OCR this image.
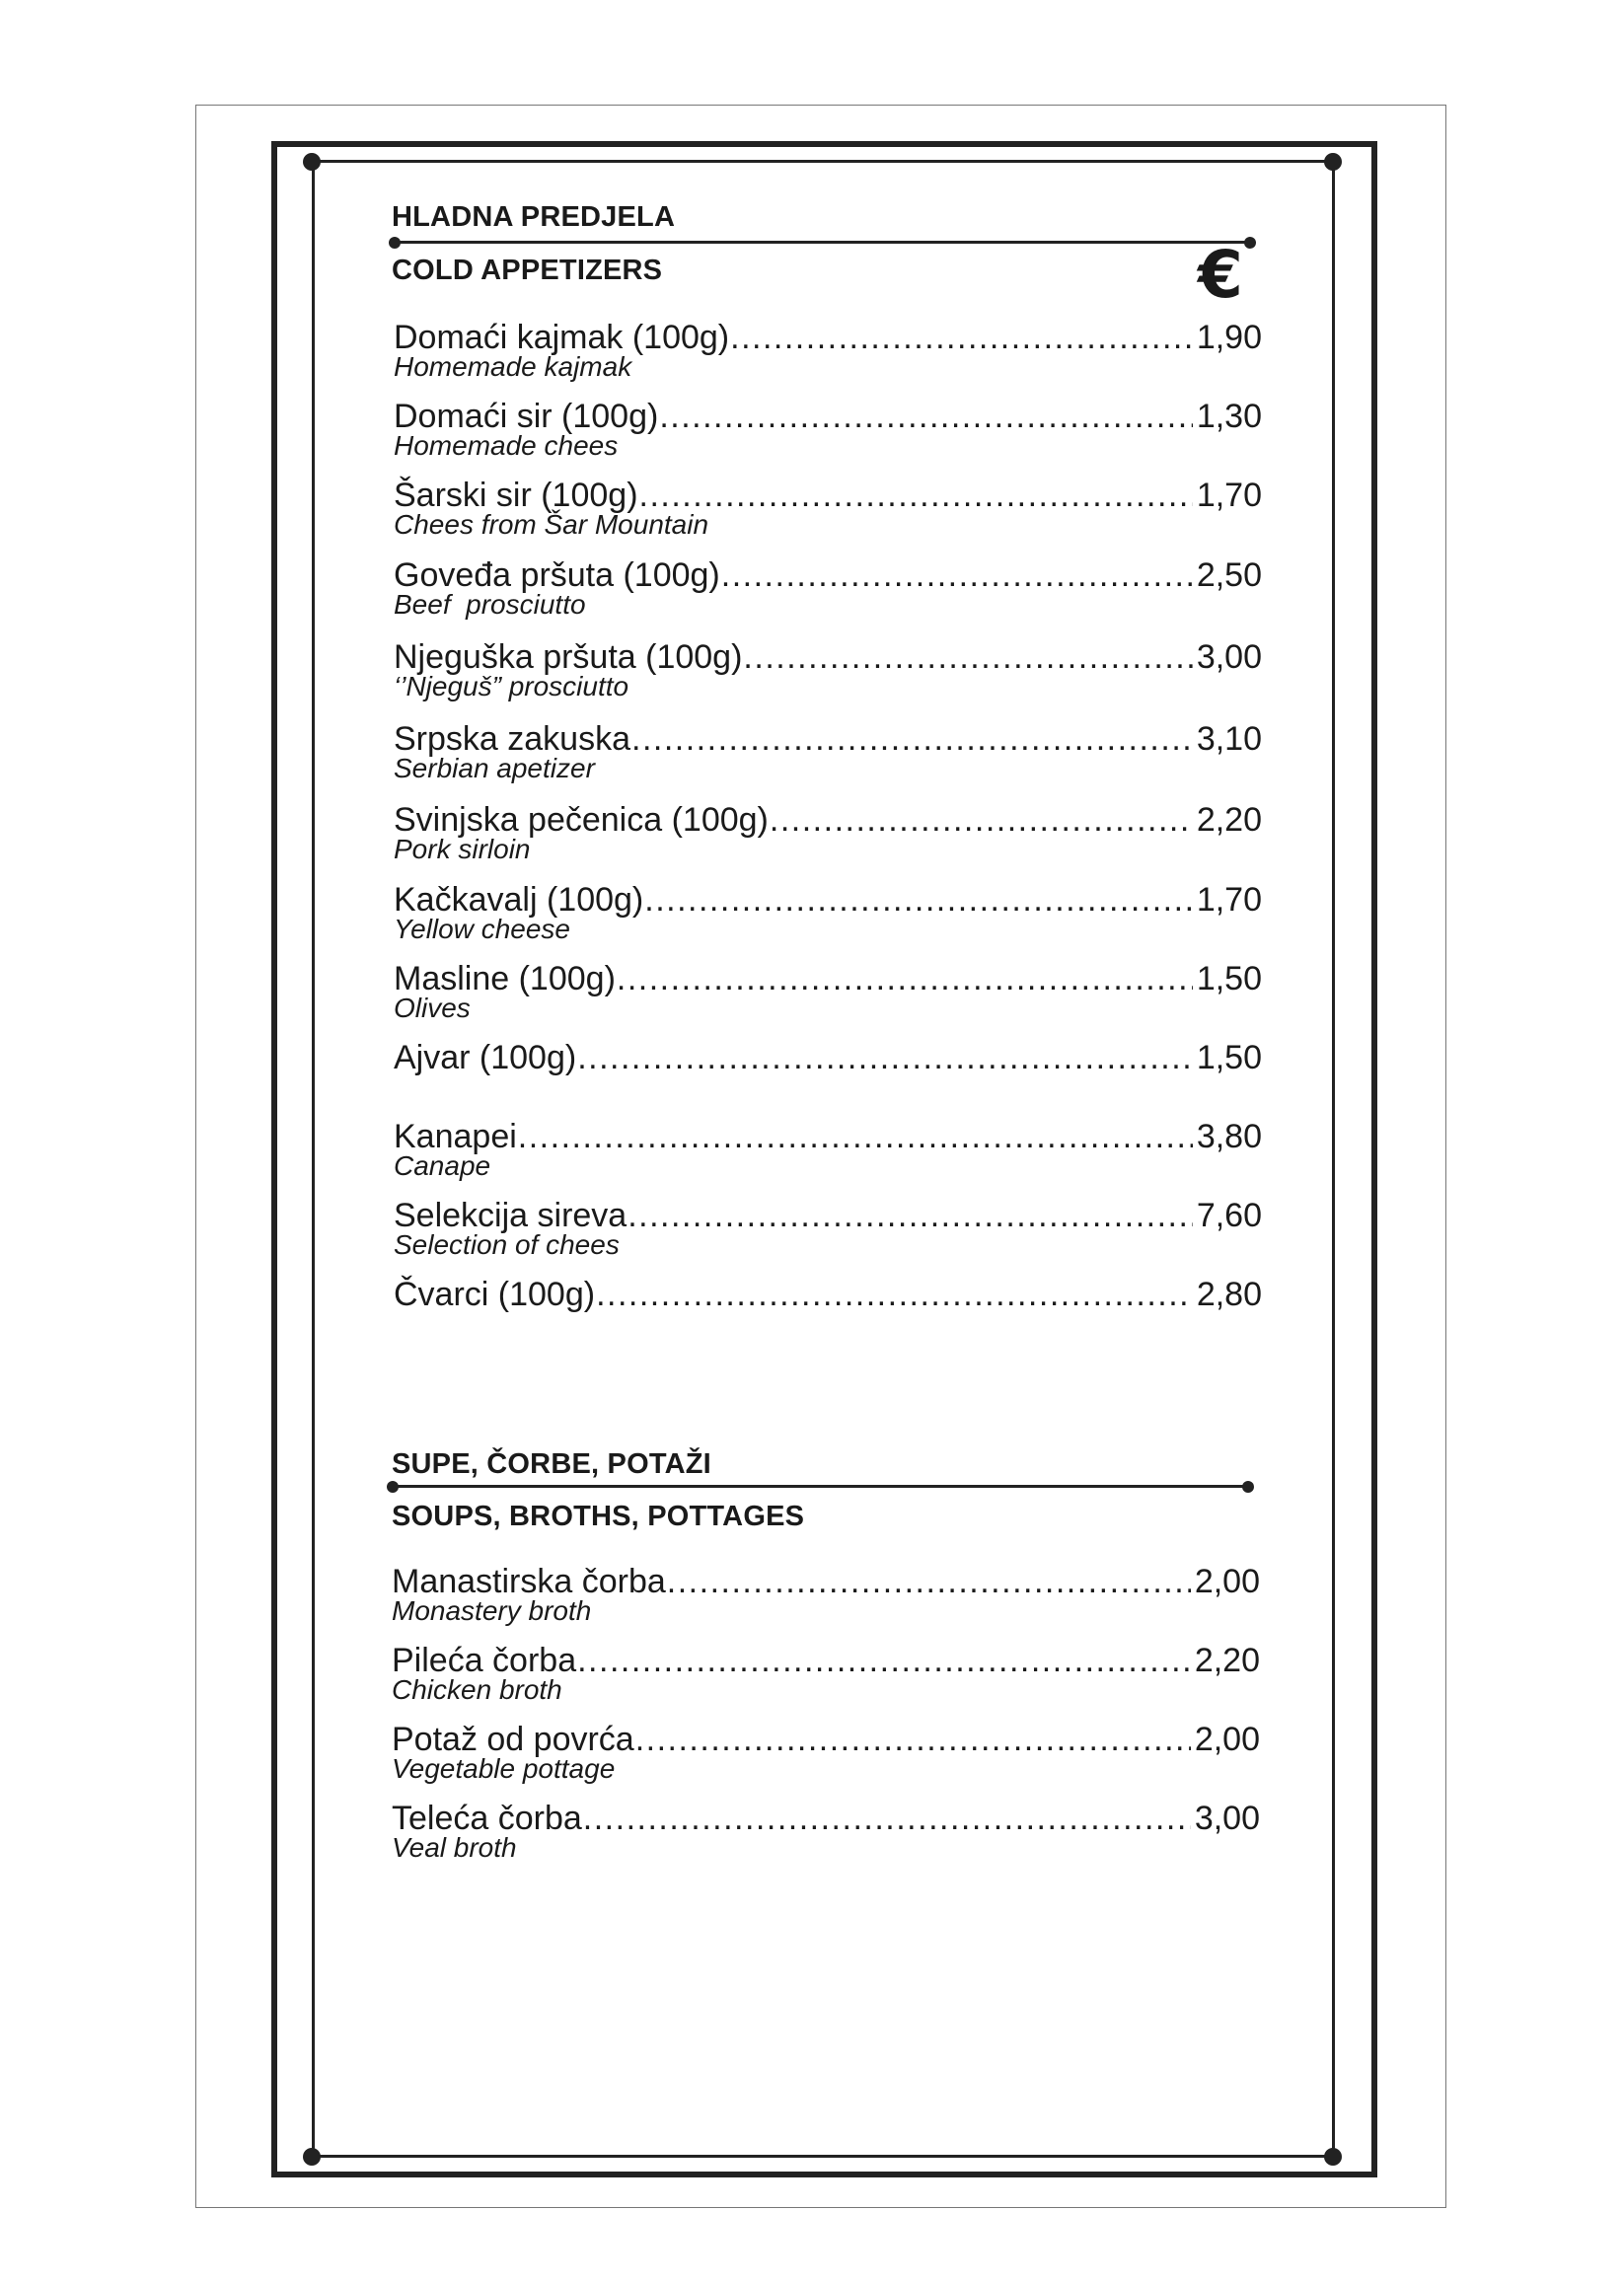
HLADNA PREDJELA
COLD APPETIZERS	€
Domaći kajmak (100g) .....	1,90
Homemade kajmak
Domaći sir (100g) .....	1,30
Homemade chees
Šarski sir (100g) .....	1,70
Chees from Šar Mountain
Goveđa pršuta (100g) .....	2,50
Beef  prosciutto
Njeguška pršuta (100g) .....	3,00
‘’Njeguš” prosciutto
Srpska zakuska .....	3,10
Serbian apetizer
Svinjska pečenica (100g) .....	2,20
Pork sirloin
Kačkavalj (100g) .....	1,70
Yellow cheese
Masline (100g) .....	1,50
Olives
Ajvar (100g) .....	1,50
Kanapei .....	3,80
Canape
Selekcija sireva .....	7,60
Selection of chees
Čvarci (100g) .....	2,80
SUPE, ČORBE, POTAŽI
SOUPS, BROTHS, POTTAGES
Manastirska čorba .....	2,00
Monastery broth
Pileća čorba .....	2,20
Chicken broth
Potaž od povrća .....	2,00
Vegetable pottage
Teleća čorba .....	3,00
Veal broth
